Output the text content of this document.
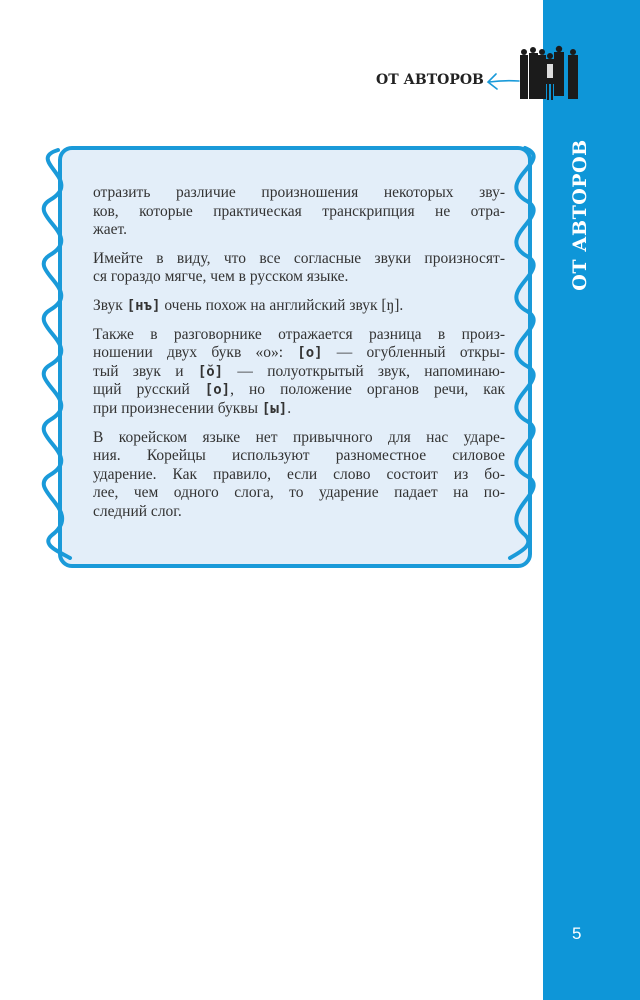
ОТ АВТОРОВ
ОТ АВТОРОВ
отразить различие произношения некоторых зву-
ков, которые практическая транскрипция не отра-
жает.
Имейте в виду, что все согласные звуки произносят-
ся гораздо мягче, чем в русском языке.
Звук [нъ] очень похож на английский звук [ŋ].
Также в разговорнике отражается разница в произ-
ношении двух букв «о»: [о] — огубленный откры-
тый звук и [ŏ] — полуоткрытый звук, напоминаю-
щий русский [о], но положение органов речи, как
при произнесении буквы [ы].
В корейском языке нет привычного для нас ударе-
ния. Корейцы используют разноместное силовое
ударение. Как правило, если слово состоит из бо-
лее, чем одного слога, то ударение падает на по-
следний слог.
5
